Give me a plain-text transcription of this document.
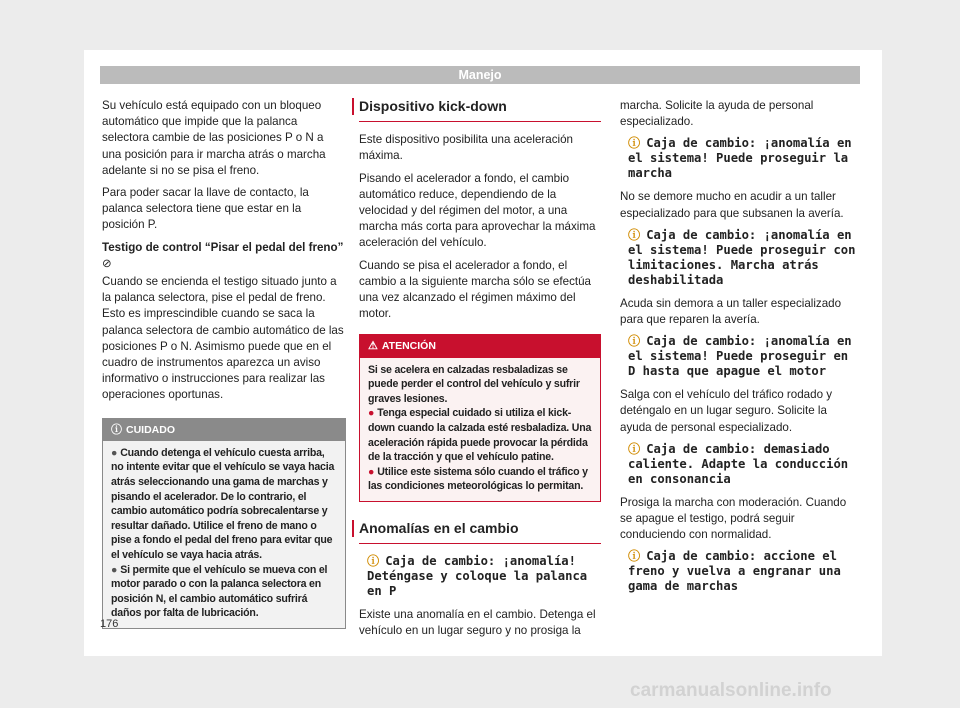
Manejo

Su vehículo está equipado con un bloqueo automático que impide que la palanca selectora cambie de las posiciones P o N a una posición para ir marcha atrás o marcha adelante si no se pisa el freno.

Para poder sacar la llave de contacto, la palanca selectora tiene que estar en la posición P.

Testigo de control “Pisar el pedal del freno”

⊘

Cuando se encienda el testigo situado junto a la palanca selectora, pise el pedal de freno. Esto es imprescindible cuando se saca la palanca selectora de cambio automático de las posiciones P o N. Asimismo puede que en el cuadro de instrumentos aparezca un aviso informativo o instrucciones para realizar las operaciones oportunas.

ⓘ CUIDADO
● Cuando detenga el vehículo cuesta arriba, no intente evitar que el vehículo se vaya hacia atrás seleccionando una gama de marchas y pisando el acelerador. De lo contrario, el cambio automático podría sobrecalentarse y resultar dañado. Utilice el freno de mano o pise a fondo el pedal del freno para evitar que el vehículo se vaya hacia atrás.
● Si permite que el vehículo se mueva con el motor parado o con la palanca selectora en posición N, el cambio automático sufrirá daños por falta de lubricación.
Dispositivo kick-down

Este dispositivo posibilita una aceleración máxima.

Pisando el acelerador a fondo, el cambio automático reduce, dependiendo de la velocidad y del régimen del motor, a una marcha más corta para aprovechar la máxima aceleración del vehículo.

Cuando se pisa el acelerador a fondo, el cambio a la siguiente marcha sólo se efectúa una vez alcanzado el régimen máximo del motor.

⚠ ATENCIÓN
Si se acelera en calzadas resbaladizas se puede perder el control del vehículo y sufrir graves lesiones.
● Tenga especial cuidado si utiliza el kick-down cuando la calzada esté resbaladiza. Una aceleración rápida puede provocar la pérdida de la tracción y que el vehículo patine.
● Utilice este sistema sólo cuando el tráfico y las condiciones meteorológicas lo permitan.
Anomalías en el cambio
ⓘ Caja de cambio: ¡anomalía! Deténgase y coloque la palanca en P

Existe una anomalía en el cambio. Detenga el vehículo en un lugar seguro y no prosiga la

marcha. Solicite la ayuda de personal especializado.

ⓘ Caja de cambio: ¡anomalía en el sistema! Puede proseguir la marcha

No se demore mucho en acudir a un taller especializado para que subsanen la avería.

ⓘ Caja de cambio: ¡anomalía en el sistema! Puede proseguir con limitaciones. Marcha atrás deshabilitada

Acuda sin demora a un taller especializado para que reparen la avería.

ⓘ Caja de cambio: ¡anomalía en el sistema! Puede proseguir en D hasta que apague el motor

Salga con el vehículo del tráfico rodado y deténgalo en un lugar seguro. Solicite la ayuda de personal especializado.

ⓘ Caja de cambio: demasiado caliente. Adapte la conducción en consonancia

Prosiga la marcha con moderación. Cuando se apague el testigo, podrá seguir conduciendo con normalidad.

ⓘ Caja de cambio: accione el freno y vuelva a engranar una gama de marchas
176
carmanualsonline.info
